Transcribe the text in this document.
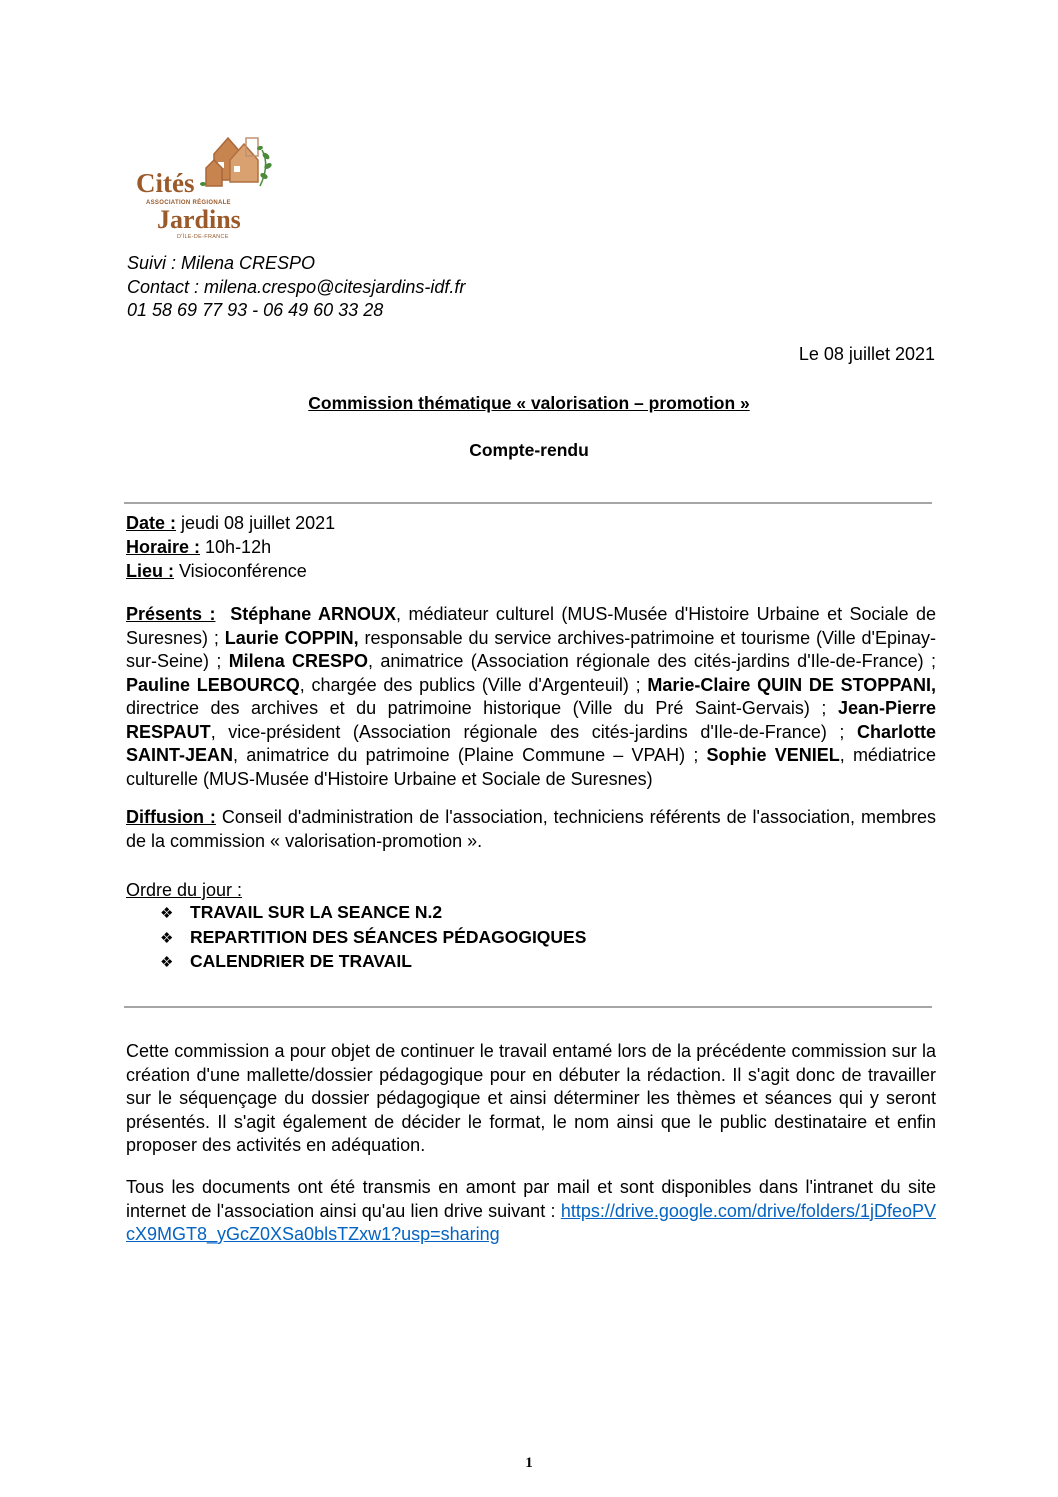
Cités
ASSOCIATION RÉGIONALE
Jardins
D'ÎLE-DE-FRANCE
Suivi : Milena CRESPO
Contact : milena.crespo@citesjardins-idf.fr
01 58 69 77 93 - 06 49 60 33 28
Le 08 juillet 2021
Commission thématique « valorisation – promotion »
Compte-rendu
Date : jeudi 08 juillet 2021
Horaire : 10h-12h
Lieu : Visioconférence
Présents : Stéphane ARNOUX, médiateur culturel (MUS-Musée d'Histoire Urbaine et Sociale de Suresnes) ; Laurie COPPIN, responsable du service archives-patrimoine et tourisme (Ville d'Epinay-sur-Seine) ; Milena CRESPO, animatrice (Association régionale des cités-jardins d'Ile-de-France) ; Pauline LEBOURCQ, chargée des publics (Ville d'Argenteuil) ; Marie-Claire QUIN DE STOPPANI, directrice des archives et du patrimoine historique (Ville du Pré Saint-Gervais) ; Jean-Pierre RESPAUT, vice-président (Association régionale des cités-jardins d'Ile-de-France) ; Charlotte SAINT-JEAN, animatrice du patrimoine (Plaine Commune – VPAH) ; Sophie VENIEL, médiatrice culturelle (MUS-Musée d'Histoire Urbaine et Sociale de Suresnes)
Diffusion : Conseil d'administration de l'association, techniciens référents de l'association, membres de la commission « valorisation-promotion ».
Ordre du jour :
❖ TRAVAIL SUR LA SEANCE N.2
❖ REPARTITION DES SÉANCES PÉDAGOGIQUES
❖ CALENDRIER DE TRAVAIL
Cette commission a pour objet de continuer le travail entamé lors de la précédente commission sur la création d'une mallette/dossier pédagogique pour en débuter la rédaction. Il s'agit donc de travailler sur le séquençage du dossier pédagogique et ainsi déterminer les thèmes et séances qui y seront présentés. Il s'agit également de décider le format, le nom ainsi que le public destinataire et enfin proposer des activités en adéquation.
Tous les documents ont été transmis en amont par mail et sont disponibles dans l'intranet du site internet de l'association ainsi qu'au lien drive suivant : https://drive.google.com/drive/folders/1jDfeoPVcX9MGT8_yGcZ0XSa0blsTZxw1?usp=sharing
1
